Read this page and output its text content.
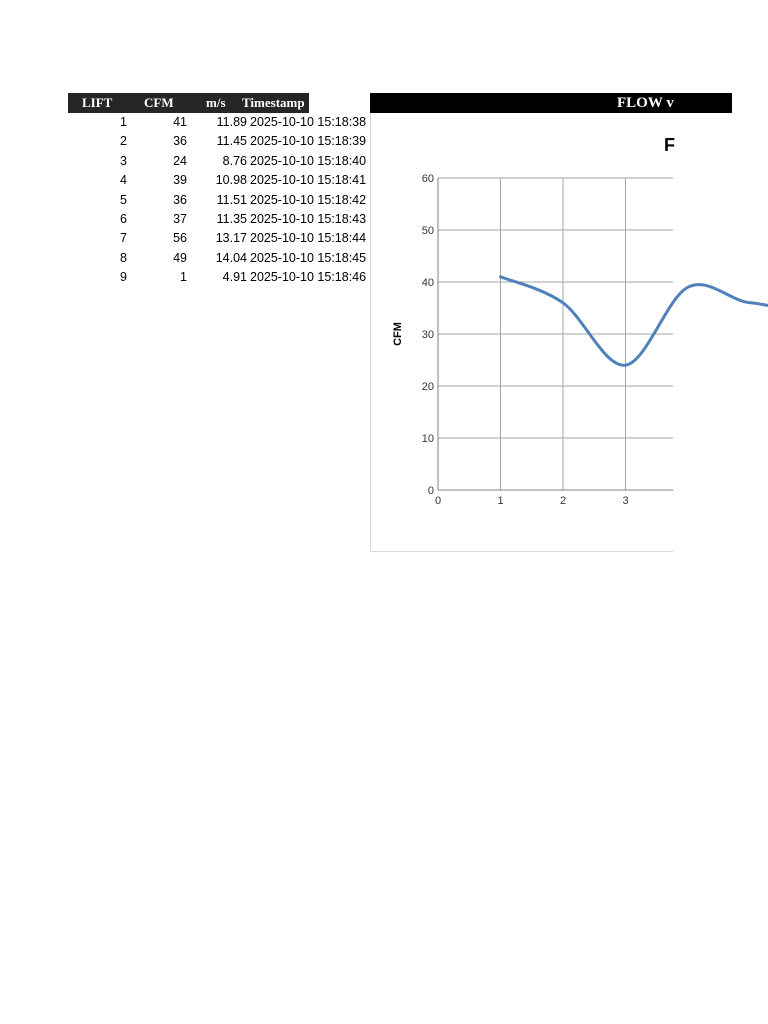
LIFT CFM m/s Timestamp
1	41 11.89 2025-10-10 15:18:38
2	36 11.45 2025-10-10 15:18:39
3	24	8.76 2025-10-10 15:18:40
4	39 10.98 2025-10-10 15:18:41
5	36 11.51 2025-10-10 15:18:42
6	37 11.35 2025-10-10 15:18:43
7	56 13.17 2025-10-10 15:18:44
8	49 14.04 2025-10-10 15:18:45
9	1	4.91 2025-10-10 15:18:46
FLOW v
F
0
10
20
30
40
50
60
0	1	2	3
CFM
